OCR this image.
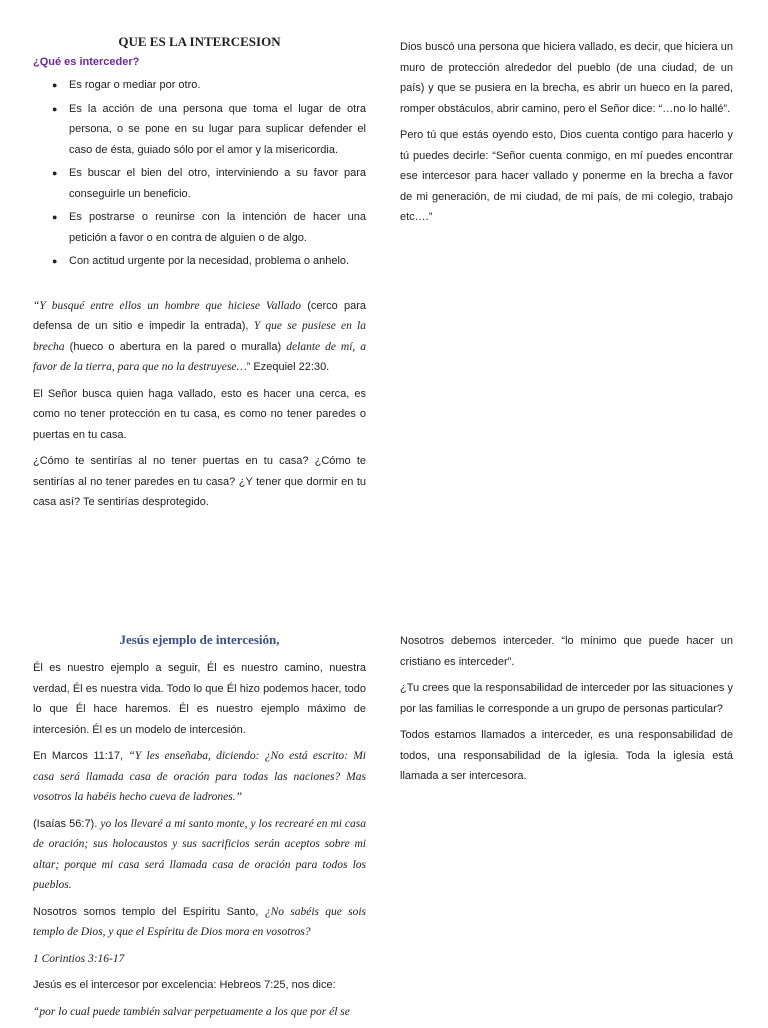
QUE ES LA INTERCESION
¿Qué es interceder?
● Es rogar o mediar por otro.
● Es la acción de una persona que toma el lugar de otra persona, o se pone en su lugar para suplicar defender el caso de ésta, guiado sólo por el amor y la misericordia.
● Es buscar el bien del otro, interviniendo a su favor para conseguirle un beneficio.
● Es postrarse o reunirse con la intención de hacer una petición a favor o en contra de alguien o de algo.
● Con actitud urgente por la necesidad, problema o anhelo.

“Y busqué entre ellos un hombre que hiciese Vallado (cerco para defensa de un sitio e impedir la entrada), Y que se pusiese en la brecha (hueco o abertura en la pared o muralla) delante de mí, a favor de la tierra, para que no la destruyese…” Ezequiel 22:30.

El Señor busca quien haga vallado, esto es hacer una cerca, es como no tener protección en tu casa, es como no tener paredes o puertas en tu casa.

¿Cómo te sentirías al no tener puertas en tu casa? ¿Cómo te sentirías al no tener paredes en tu casa? ¿Y tener que dormir en tu casa así? Te sentirías desprotegido.

Dios buscó una persona que hiciera vallado, es decir, que hiciera un muro de protección alrededor del pueblo (de una ciudad, de un país) y que se pusiera en la brecha, es abrir un hueco en la pared, romper obstáculos, abrir camino, pero el Señor dice: “…no lo hallé”.

Pero tú que estás oyendo esto, Dios cuenta contigo para hacerlo y tú puedes decirle: “Señor cuenta conmigo, en mí puedes encontrar ese intercesor para hacer vallado y ponerme en la brecha a favor de mi generación, de mi ciudad, de mi país, de mi colegio, trabajo etc….”

Jesús ejemplo de intercesión,

Él es nuestro ejemplo a seguir, Él es nuestro camino, nuestra verdad, Él es nuestra vida. Todo lo que Él hizo podemos hacer, todo lo que Él hace haremos. Él es nuestro ejemplo máximo de intercesión. Él es un modelo de intercesión.

En Marcos 11:17, “Y les enseñaba, diciendo: ¿No está escrito: Mi casa será llamada casa de oración para todas las naciones? Mas vosotros la habéis hecho cueva de ladrones.”

(Isaías 56:7). yo los llevaré a mi santo monte, y los recrearé en mi casa de oración; sus holocaustos y sus sacrificios serán aceptos sobre mi altar; porque mi casa será llamada casa de oración para todos los pueblos.

Nosotros somos templo del Espíritu Santo, ¿No sabéis que sois templo de Dios, y que el Espíritu de Dios mora en vosotros?

1 Corintios 3:16-17

Jesús es el intercesor por excelencia: Hebreos 7:25, nos dice:

“por lo cual puede también salvar perpetuamente a los que por él se

Nosotros debemos interceder. “lo mínimo que puede hacer un cristiano es interceder”.

¿Tu crees que la responsabilidad de interceder por las situaciones y por las familias le corresponde a un grupo de personas particular?

Todos estamos llamados a interceder, es una responsabilidad de todos, una responsabilidad de la iglesia. Toda la iglesia está llamada a ser intercesora.
